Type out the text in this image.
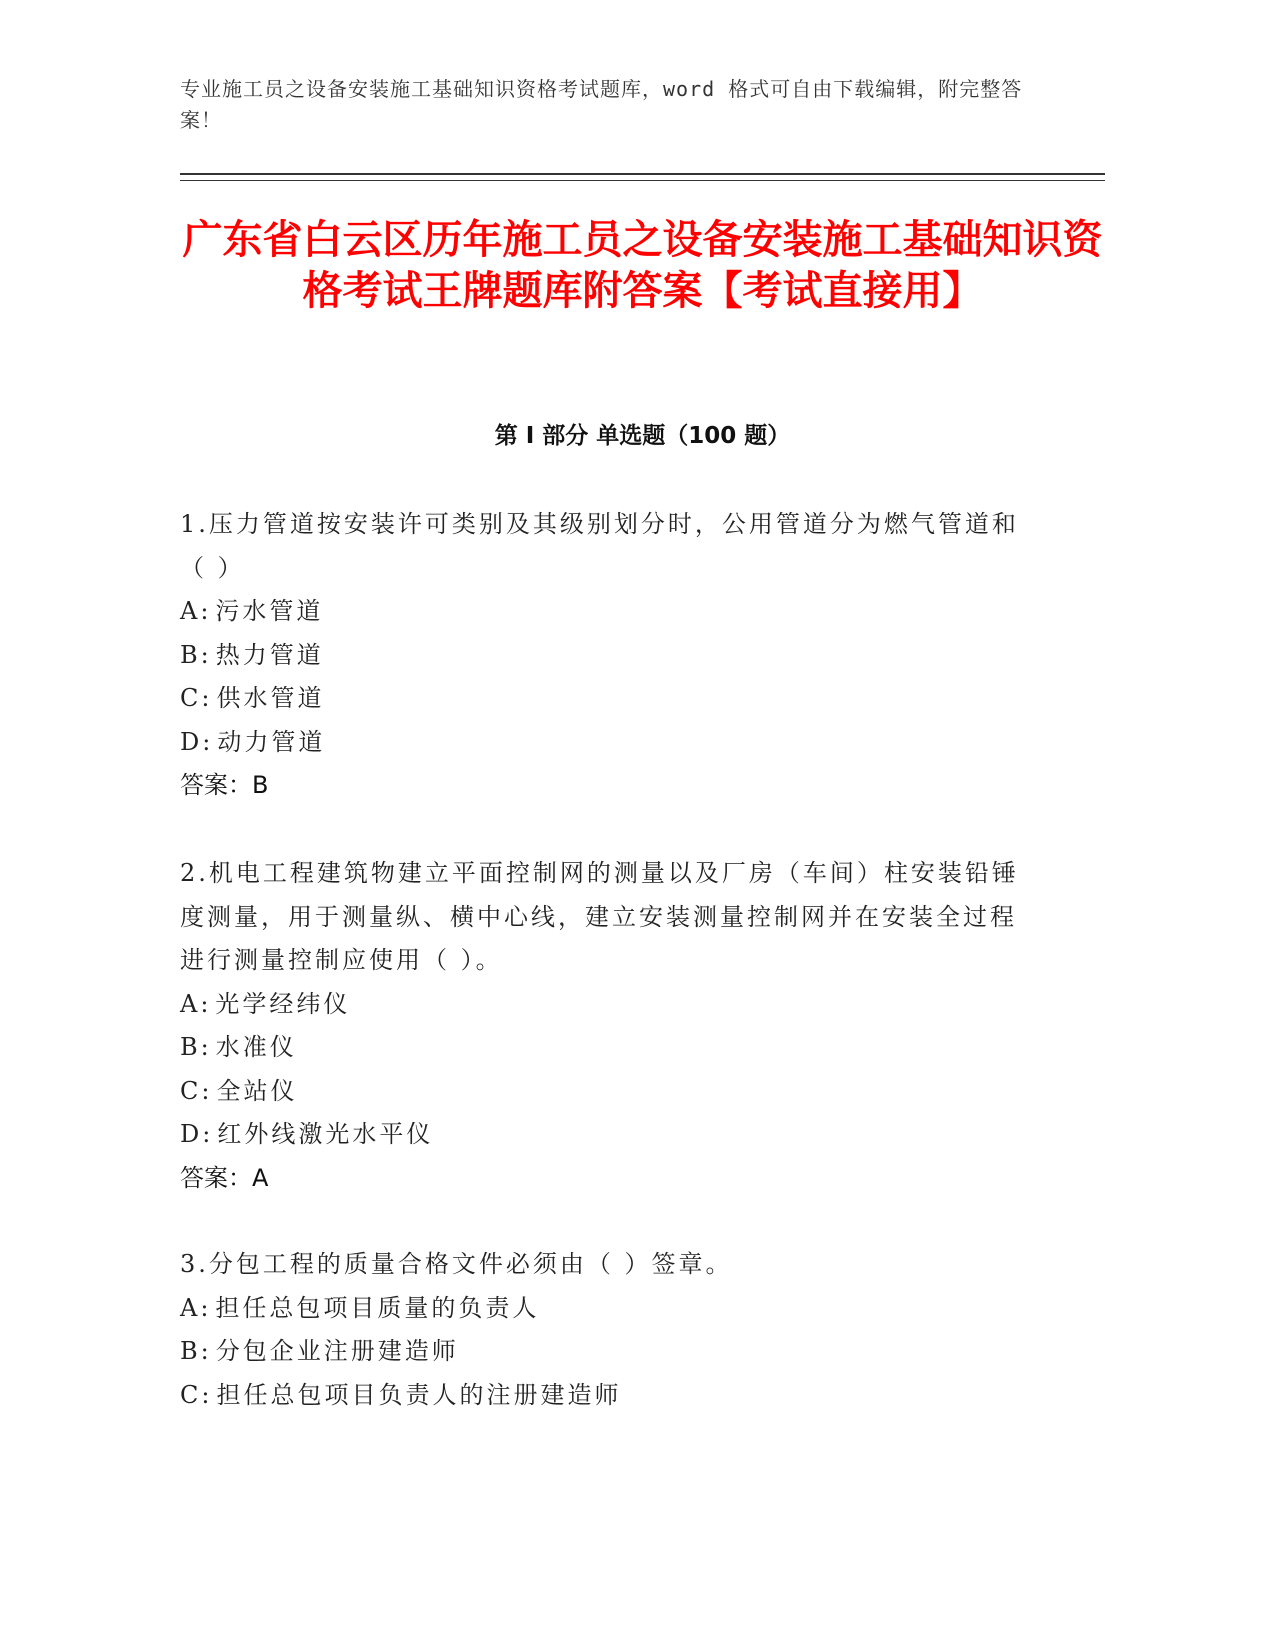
专业施工员之设备安装施工基础知识资格考试题库，word 格式可自由下载编辑，附完整答案！
广东省白云区历年施工员之设备安装施工基础知识资格考试王牌题库附答案【考试直接用】
第 I 部分 单选题（100 题）
1.压力管道按安装许可类别及其级别划分时，公用管道分为燃气管道和（ ）
A: 污水管道
B: 热力管道
C: 供水管道
D: 动力管道
答案：B
2.机电工程建筑物建立平面控制网的测量以及厂房（车间）柱安装铅锤度测量，用于测量纵、横中心线，建立安装测量控制网并在安装全过程进行测量控制应使用（ ）。
A: 光学经纬仪
B: 水准仪
C: 全站仪
D: 红外线激光水平仪
答案：A
3.分包工程的质量合格文件必须由（ ）签章。
A: 担任总包项目质量的负责人
B: 分包企业注册建造师
C: 担任总包项目负责人的注册建造师
